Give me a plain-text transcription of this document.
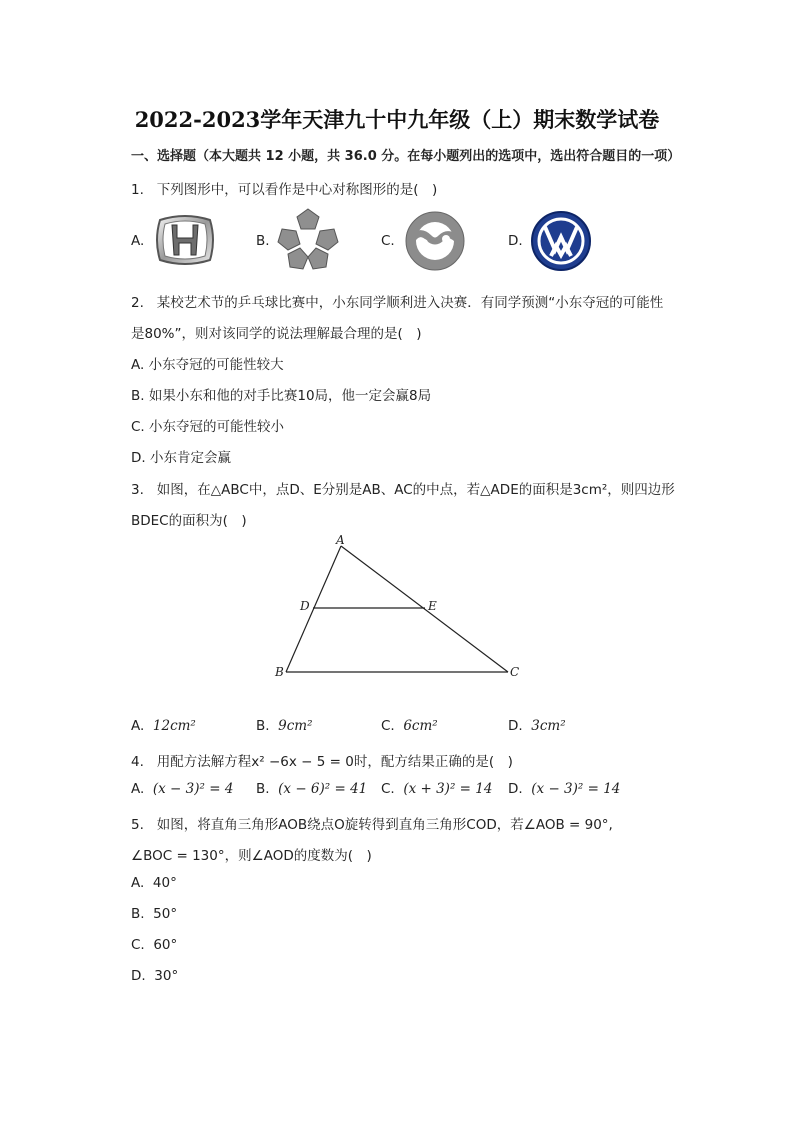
2022-2023学年天津九十中九年级（上）期末数学试卷
一、选择题（本大题共 12 小题，共 36.0 分。在每小题列出的选项中，选出符合题目的一项）
1. 下列图形中，可以看作是中心对称图形的是(　)
A.	B.	C.	D.
2. 某校艺术节的乒乓球比赛中，小东同学顺利进入决赛．有同学预测“小东夺冠的可能性
是80%”，则对该同学的说法理解最合理的是(　)
A. 小东夺冠的可能性较大
B. 如果小东和他的对手比赛10局，他一定会赢8局
C. 小东夺冠的可能性较小
D. 小东肯定会赢
3. 如图，在△ABC中，点D、E分别是AB、AC的中点，若△ADE的面积是3cm²，则四边形
BDEC的面积为(　)
A
B	C
D	E
A. 12cm²	B. 9cm²	C. 6cm²	D. 3cm²
4. 用配方法解方程x² −6x − 5 = 0时，配方结果正确的是(　)
A. (x − 3)² = 4 B. (x − 6)² = 41 C. (x + 3)² = 14 D. (x − 3)² = 14
5. 如图，将直角三角形AOB绕点O旋转得到直角三角形COD，若∠AOB = 90°,
∠BOC = 130°，则∠AOD的度数为(　)
A. 40°
B. 50°
C. 60°
D. 30°
